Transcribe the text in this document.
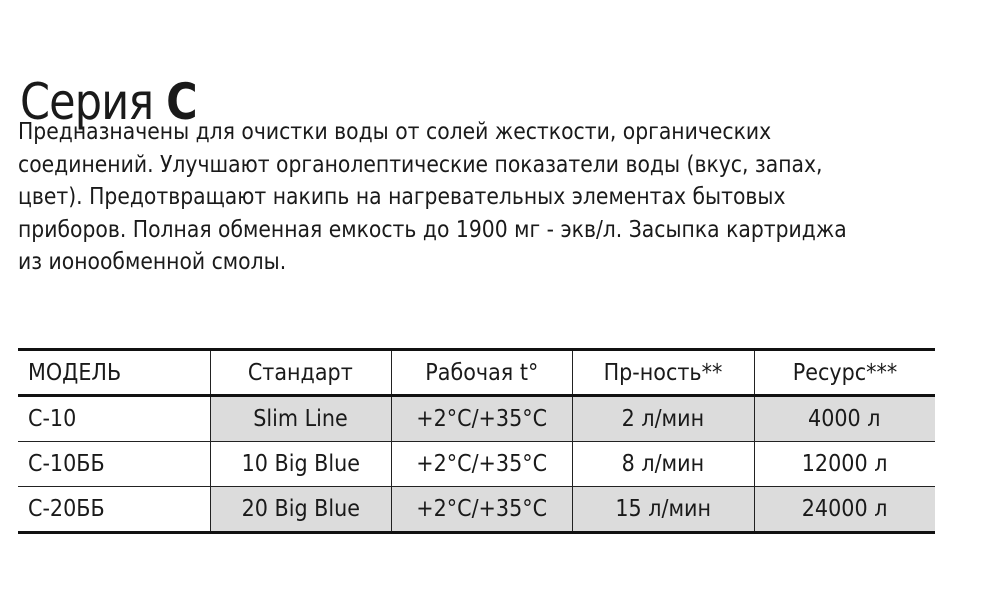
Серия C
Предназначены для очистки воды от солей жесткости, органических
соединений. Улучшают органолептические показатели воды (вкус, запах,
цвет). Предотвращают накипь на нагревательных элементах бытовых
приборов. Полная обменная емкость до 1900 мг - экв/л. Засыпка картриджа
из ионообменной смолы.
МОДЕЛЬ	Стандарт	Рабочая t°	Пр-ность**	Ресурс***
С-10	Slim Line	+2°C/+35°C	2 л/мин	4000 л
С-10ББ	10 Big Blue	+2°C/+35°C	8 л/мин	12000 л
С-20ББ	20 Big Blue	+2°C/+35°C	15 л/мин	24000 л
